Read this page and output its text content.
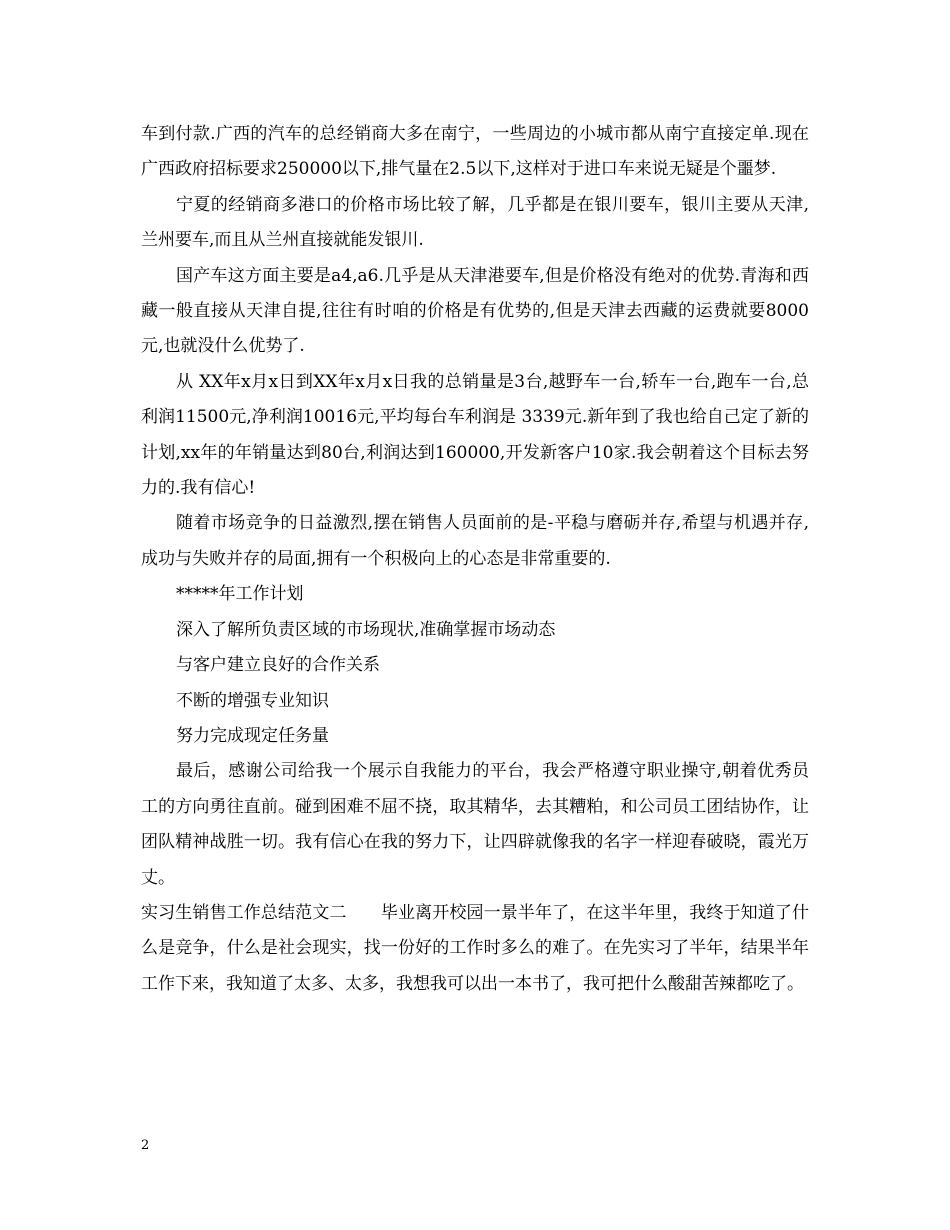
车到付款.广西的汽车的总经销商大多在南宁，一些周边的小城市都从南宁直接定单.现在广西政府招标要求250000以下,排气量在2.5以下,这样对于进口车来说无疑是个噩梦.

宁夏的经销商多港口的价格市场比较了解，几乎都是在银川要车，银川主要从天津,兰州要车,而且从兰州直接就能发银川.

国产车这方面主要是a4,a6.几乎是从天津港要车,但是价格没有绝对的优势.青海和西藏一般直接从天津自提,往往有时咱的价格是有优势的,但是天津去西藏的运费就要8000元,也就没什么优势了.

从 XX年x月x日到XX年x月x日我的总销量是3台,越野车一台,轿车一台,跑车一台,总利润11500元,净利润10016元,平均每台车利润是 3339元.新年到了我也给自己定了新的计划,xx年的年销量达到80台,利润达到160000,开发新客户10家.我会朝着这个目标去努力的.我有信心!

随着市场竞争的日益激烈,摆在销售人员面前的是-平稳与磨砺并存,希望与机遇并存,成功与失败并存的局面,拥有一个积极向上的心态是非常重要的.

*****年工作计划

深入了解所负责区域的市场现状,准确掌握市场动态

与客户建立良好的合作关系

不断的增强专业知识

努力完成现定任务量

最后，感谢公司给我一个展示自我能力的平台，我会严格遵守职业操守,朝着优秀员工的方向勇往直前。碰到困难不屈不挠，取其精华，去其糟粕，和公司员工团结协作，让团队精神战胜一切。我有信心在我的努力下，让四辟就像我的名字一样迎春破晓，霞光万丈。

实习生销售工作总结范文二　　毕业离开校园一景半年了，在这半年里，我终于知道了什么是竞争，什么是社会现实，找一份好的工作时多么的难了。在先实习了半年，结果半年工作下来，我知道了太多、太多，我想我可以出一本书了，我可把什么酸甜苦辣都吃了。

2
